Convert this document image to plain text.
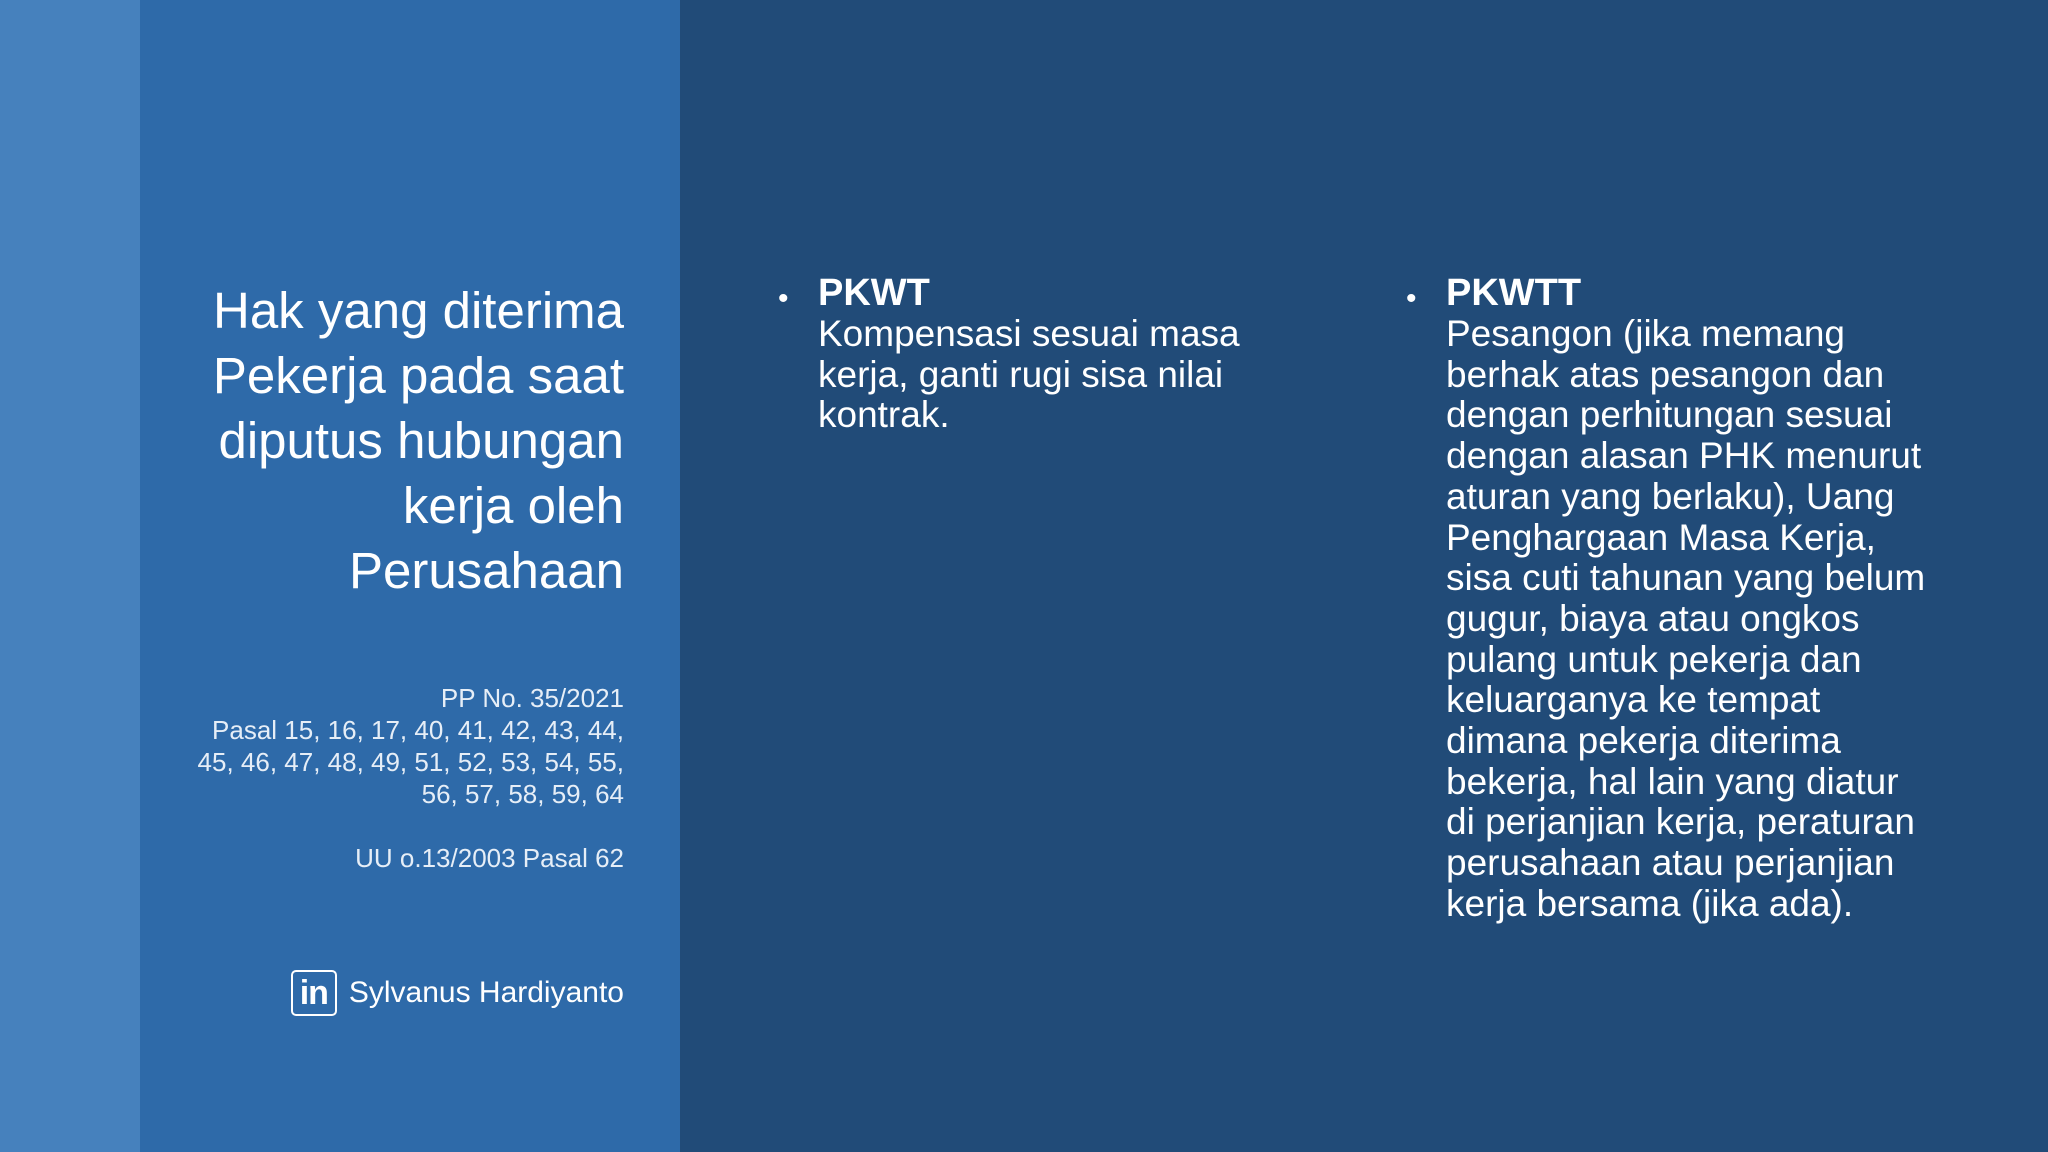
Hak yang diterima
Pekerja pada saat
diputus hubungan
kerja oleh
Perusahaan
PP No. 35/2021
Pasal 15, 16, 17, 40, 41, 42, 43, 44,
45, 46, 47, 48, 49, 51, 52, 53, 54, 55,
56, 57, 58, 59, 64
UU o.13/2003 Pasal 62
in Sylvanus Hardiyanto
• PKWT
Kompensasi sesuai masa
kerja, ganti rugi sisa nilai
kontrak.
• PKWTT
Pesangon (jika memang
berhak atas pesangon dan
dengan perhitungan sesuai
dengan alasan PHK menurut
aturan yang berlaku), Uang
Penghargaan Masa Kerja,
sisa cuti tahunan yang belum
gugur, biaya atau ongkos
pulang untuk pekerja dan
keluarganya ke tempat
dimana pekerja diterima
bekerja, hal lain yang diatur
di perjanjian kerja, peraturan
perusahaan atau perjanjian
kerja bersama (jika ada).
